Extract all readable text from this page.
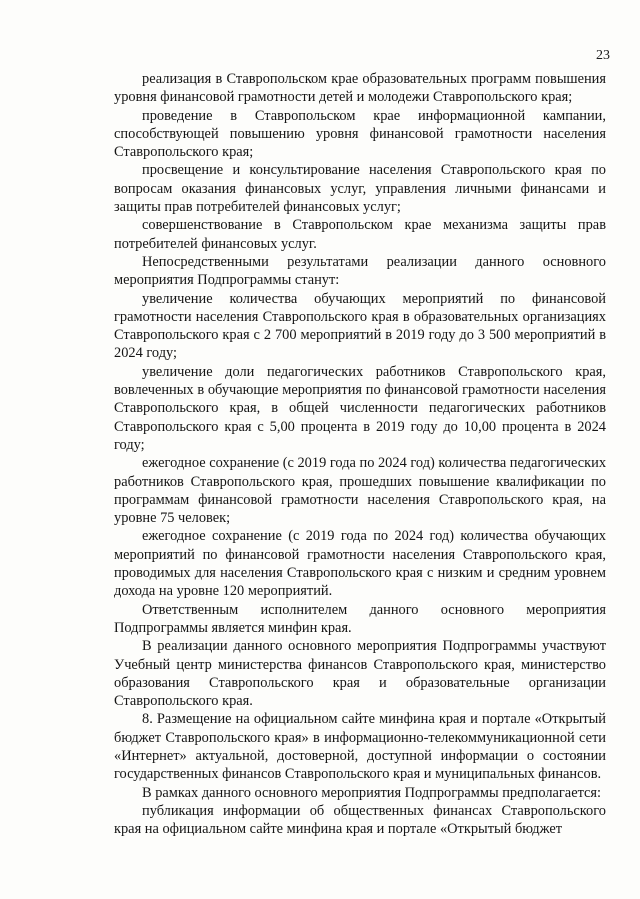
23

реализация в Ставропольском крае образовательных программ повышения уровня финансовой грамотности детей и молодежи Ставропольского края;

проведение в Ставропольском крае информационной кампании, способствующей повышению уровня финансовой грамотности населения Ставропольского края;

просвещение и консультирование населения Ставропольского края по вопросам оказания финансовых услуг, управления личными финансами и защиты прав потребителей финансовых услуг;

совершенствование в Ставропольском крае механизма защиты прав потребителей финансовых услуг.

Непосредственными результатами реализации данного основного мероприятия Подпрограммы станут:

увеличение количества обучающих мероприятий по финансовой грамотности населения Ставропольского края в образовательных организациях Ставропольского края с 2 700 мероприятий в 2019 году до 3 500 мероприятий в 2024 году;

увеличение доли педагогических работников Ставропольского края, вовлеченных в обучающие мероприятия по финансовой грамотности населения Ставропольского края, в общей численности педагогических работников Ставропольского края с 5,00 процента в 2019 году до 10,00 процента в 2024 году;

ежегодное сохранение (с 2019 года по 2024 год) количества педагогических работников Ставропольского края, прошедших повышение квалификации по программам финансовой грамотности населения Ставропольского края, на уровне 75 человек;

ежегодное сохранение (с 2019 года по 2024 год) количества обучающих мероприятий по финансовой грамотности населения Ставропольского края, проводимых для населения Ставропольского края с низким и средним уровнем дохода на уровне 120 мероприятий.

Ответственным исполнителем данного основного мероприятия Подпрограммы является минфин края.

В реализации данного основного мероприятия Подпрограммы участвуют Учебный центр министерства финансов Ставропольского края, министерство образования Ставропольского края и образовательные организации Ставропольского края.

8. Размещение на официальном сайте минфина края и портале «Открытый бюджет Ставропольского края» в информационно-телекоммуникационной сети «Интернет» актуальной, достоверной, доступной информации о состоянии государственных финансов Ставропольского края и муниципальных финансов.

В рамках данного основного мероприятия Подпрограммы предполагается:

публикация информации об общественных финансах Ставропольского края на официальном сайте минфина края и портале «Открытый бюджет
